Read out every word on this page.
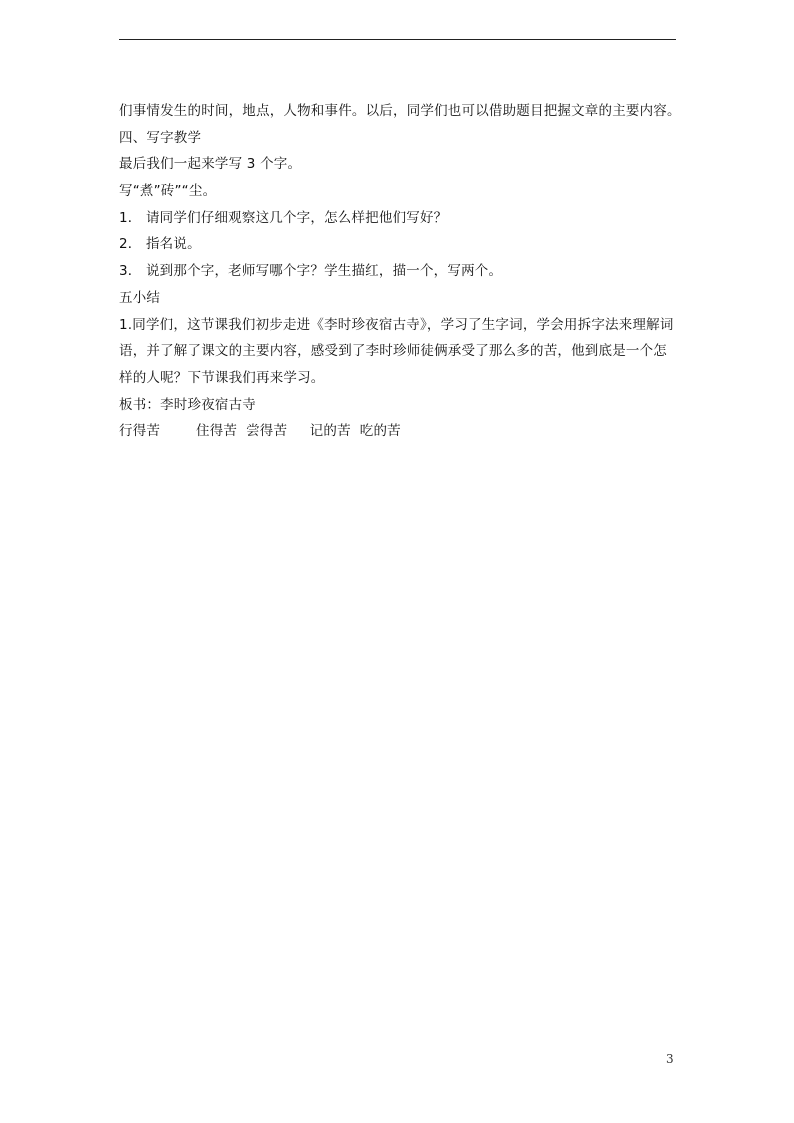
们事情发生的时间，地点，人物和事件。以后，同学们也可以借助题目把握文章的主要内容。
四、写字教学
最后我们一起来学写 3 个字。
写“煮”砖”“尘。
1． 请同学们仔细观察这几个字，怎么样把他们写好？
2． 指名说。
3． 说到那个字，老师写哪个字？学生描红，描一个，写两个。
五小结
1.同学们，这节课我们初步走进《李时珍夜宿古寺》，学习了生字词，学会用拆字法来理解词语，并了解了课文的主要内容，感受到了李时珍师徒俩承受了那么多的苦，他到底是一个怎样的人呢？下节课我们再来学习。
板书：李时珍夜宿古寺
行得苦        住得苦  尝得苦     记的苦  吃的苦
3
